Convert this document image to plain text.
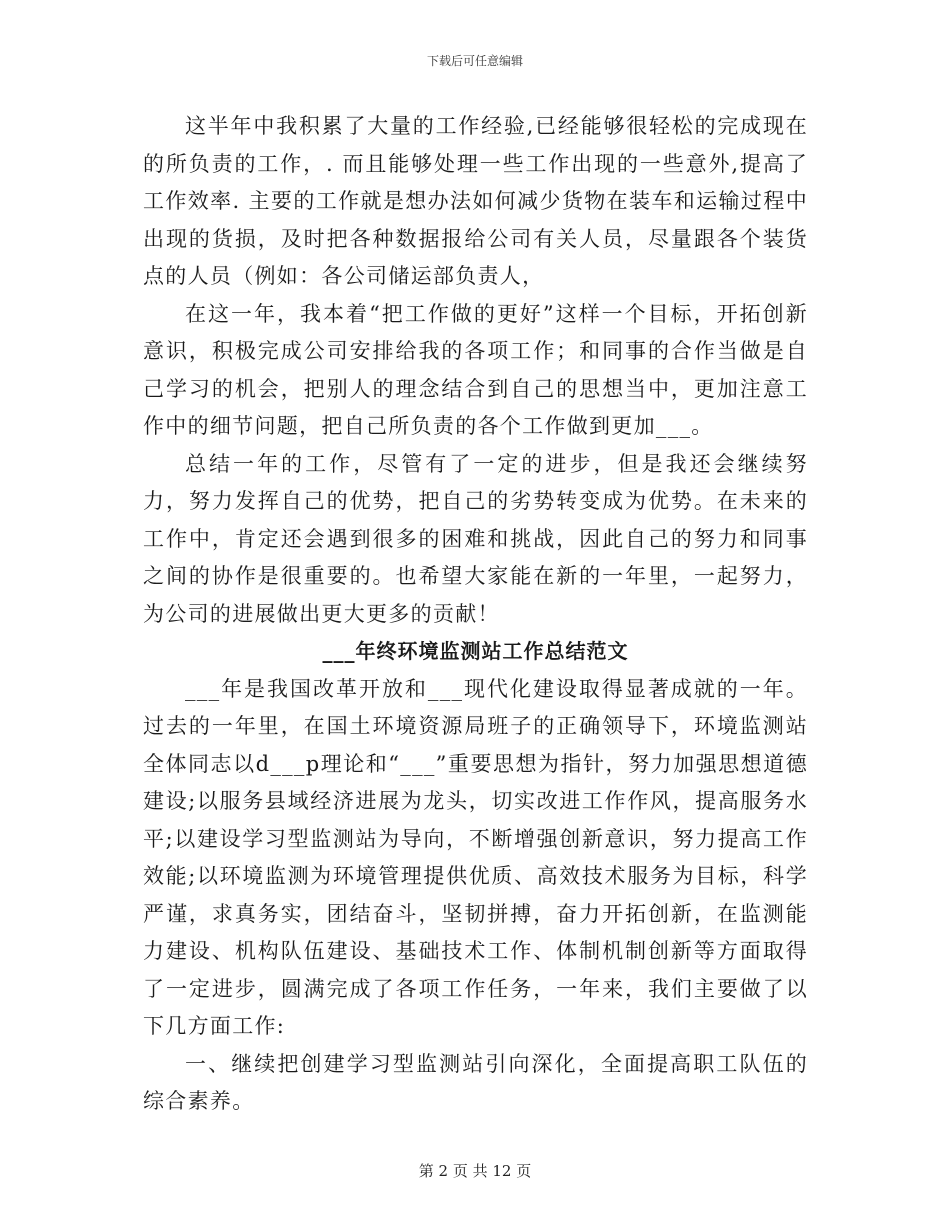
下载后可任意编辑

这半年中我积累了大量的工作经验,已经能够很轻松的完成现在的所负责的工作，. 而且能够处理一些工作出现的一些意外,提高了工作效率. 主要的工作就是想办法如何减少货物在装车和运输过程中出现的货损，及时把各种数据报给公司有关人员，尽量跟各个装货点的人员（例如：各公司储运部负责人，

在这一年，我本着“把工作做的更好”这样一个目标，开拓创新意识，积极完成公司安排给我的各项工作；和同事的合作当做是自己学习的机会，把别人的理念结合到自己的思想当中，更加注意工作中的细节问题，把自己所负责的各个工作做到更加___。

总结一年的工作，尽管有了一定的进步，但是我还会继续努力，努力发挥自己的优势，把自己的劣势转变成为优势。在未来的工作中，肯定还会遇到很多的困难和挑战，因此自己的努力和同事之间的协作是很重要的。也希望大家能在新的一年里，一起努力，为公司的进展做出更大更多的贡献！

___年终环境监测站工作总结范文

___年是我国改革开放和___现代化建设取得显著成就的一年。过去的一年里，在国土环境资源局班子的正确领导下，环境监测站全体同志以d___p理论和“___”重要思想为指针，努力加强思想道德建设;以服务县域经济进展为龙头，切实改进工作作风，提高服务水平;以建设学习型监测站为导向，不断增强创新意识，努力提高工作效能;以环境监测为环境管理提供优质、高效技术服务为目标，科学严谨，求真务实，团结奋斗，坚韧拼搏，奋力开拓创新，在监测能力建设、机构队伍建设、基础技术工作、体制机制创新等方面取得了一定进步，圆满完成了各项工作任务，一年来，我们主要做了以下几方面工作:

一、继续把创建学习型监测站引向深化，全面提高职工队伍的综合素养。

第 2 页 共 12 页
